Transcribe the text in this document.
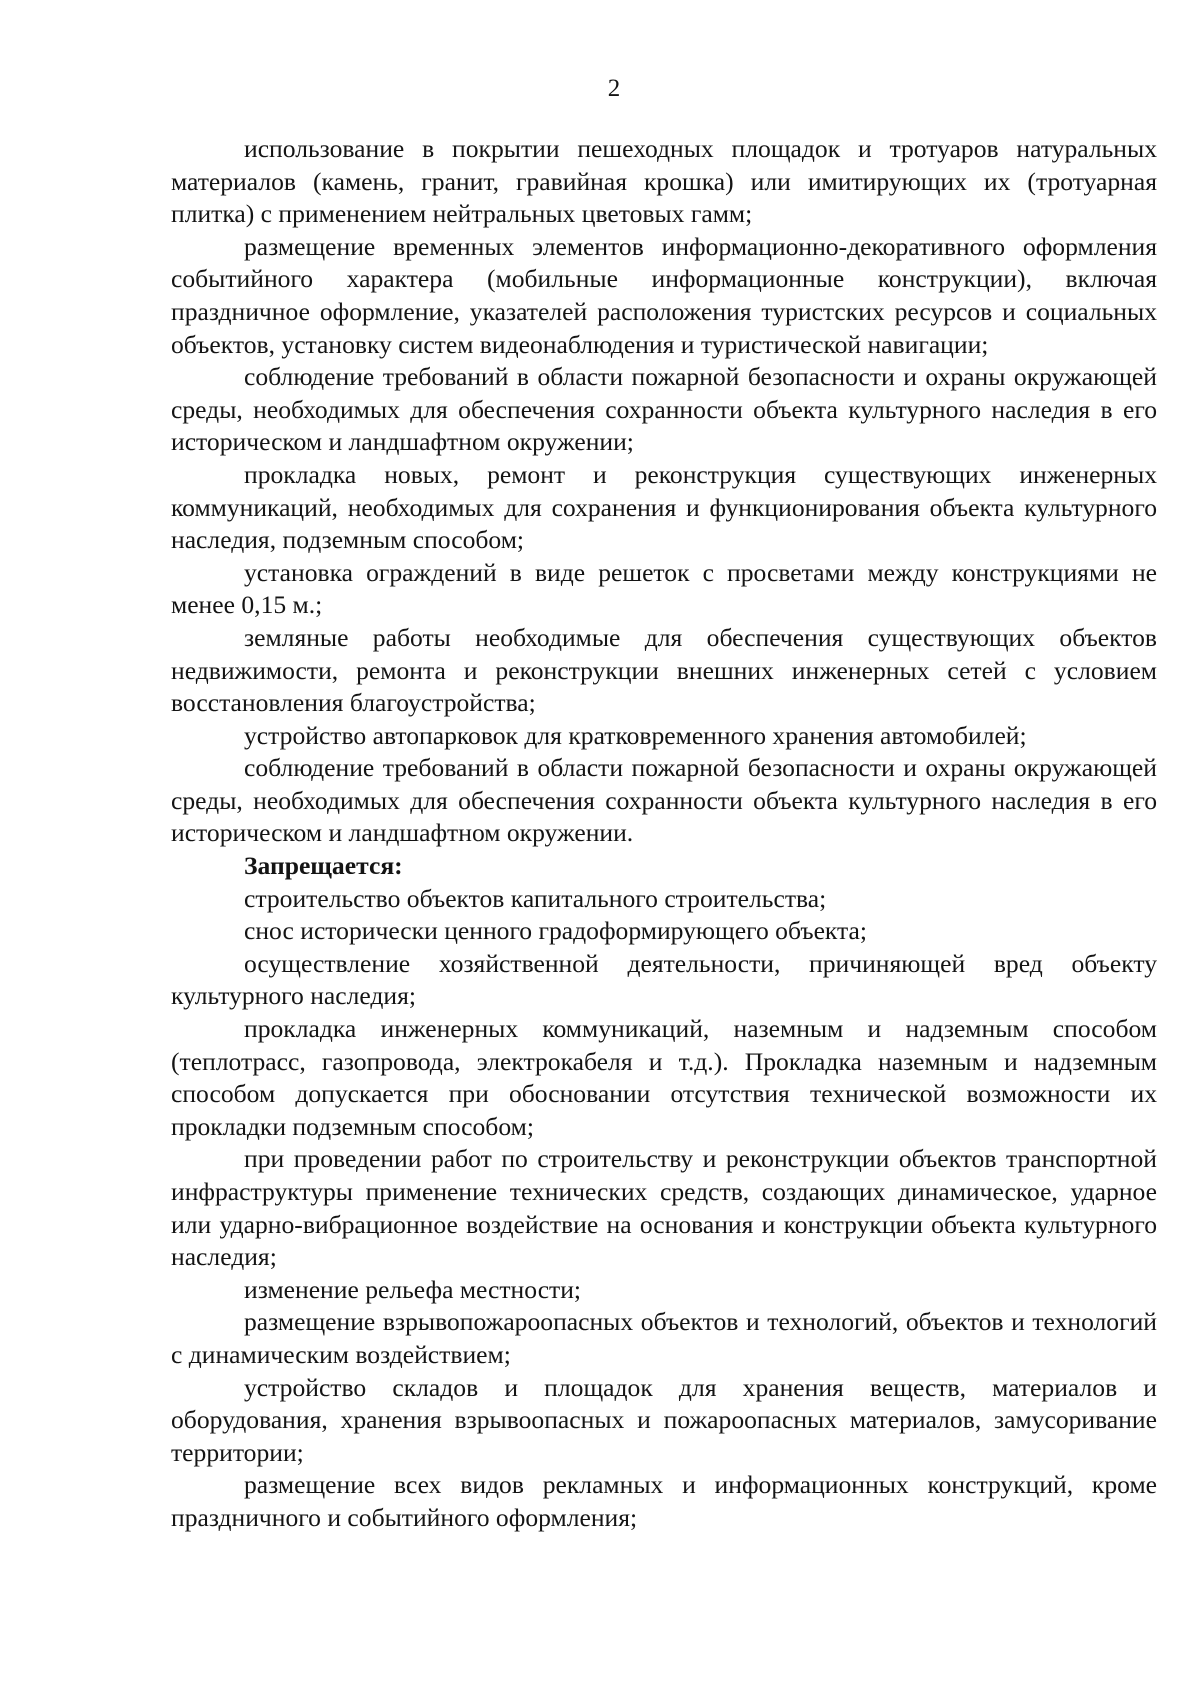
2

использование в покрытии пешеходных площадок и тротуаров натуральных материалов (камень, гранит, гравийная крошка) или имитирующих их (тротуарная плитка) с применением нейтральных цветовых гамм;

размещение временных элементов информационно-декоративного оформления событийного характера (мобильные информационные конструкции), включая праздничное оформление, указателей расположения туристских ресурсов и социальных объектов, установку систем видеонаблюдения и туристической навигации;

соблюдение требований в области пожарной безопасности и охраны окружающей среды, необходимых для обеспечения сохранности объекта культурного наследия в его историческом и ландшафтном окружении;

прокладка новых, ремонт и реконструкция существующих инженерных коммуникаций, необходимых для сохранения и функционирования объекта культурного наследия, подземным способом;

установка ограждений в виде решеток с просветами между конструкциями не менее 0,15 м.;

земляные работы необходимые для обеспечения существующих объектов недвижимости, ремонта и реконструкции внешних инженерных сетей с условием восстановления благоустройства;

устройство автопарковок для кратковременного хранения автомобилей;

соблюдение требований в области пожарной безопасности и охраны окружающей среды, необходимых для обеспечения сохранности объекта культурного наследия в его историческом и ландшафтном окружении.

Запрещается:

строительство объектов капитального строительства;

снос исторически ценного градоформирующего объекта;

осуществление хозяйственной деятельности, причиняющей вред объекту культурного наследия;

прокладка инженерных коммуникаций, наземным и надземным способом (теплотрасс, газопровода, электрокабеля и т.д.). Прокладка наземным и надземным способом допускается при обосновании отсутствия технической возможности их прокладки подземным способом;

при проведении работ по строительству и реконструкции объектов транспортной инфраструктуры применение технических средств, создающих динамическое, ударное или ударно-вибрационное воздействие на основания и конструкции объекта культурного наследия;

изменение рельефа местности;

размещение взрывопожароопасных объектов и технологий, объектов и технологий с динамическим воздействием;

устройство складов и площадок для хранения веществ, материалов и оборудования, хранения взрывоопасных и пожароопасных материалов, замусоривание территории;

размещение всех видов рекламных и информационных конструкций, кроме праздничного и событийного оформления;
